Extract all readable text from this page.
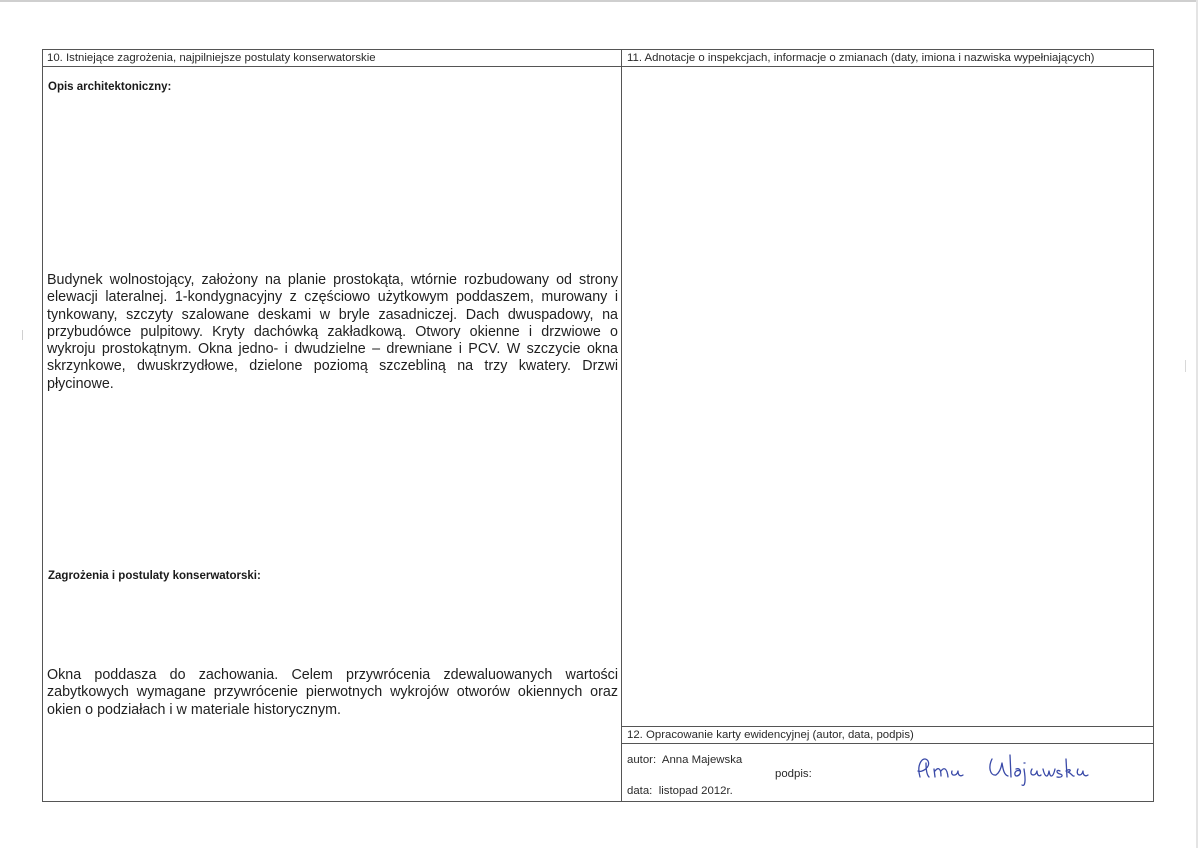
10. Istniejące zagrożenia, najpilniejsze postulaty konserwatorskie
Opis architektoniczny:
Budynek wolnostojący, założony na planie prostokąta, wtórnie rozbudowany od strony elewacji lateralnej. 1-kondygnacyjny z częściowo użytkowym poddaszem, murowany i tynkowany, szczyty szalowane deskami w bryle zasadniczej. Dach dwuspadowy, na przybudówce pulpitowy. Kryty dachówką zakładkową. Otwory okienne i drzwiowe o wykroju prostokątnym. Okna jedno- i dwudzielne – drewniane i PCV. W szczycie okna skrzynkowe, dwuskrzydłowe, dzielone poziomą szczebliną na trzy kwatery. Drzwi płycinowe.
Zagrożenia i postulaty konserwatorski:
Okna poddasza do zachowania. Celem przywrócenia zdewaluowanych wartości zabytkowych wymagane przywrócenie pierwotnych wykrojów otworów okiennych oraz okien o podziałach i w materiale historycznym.
11. Adnotacje o inspekcjach, informacje o zmianach (daty, imiona i nazwiska wypełniających)
12. Opracowanie karty ewidencyjnej (autor, data, podpis)
autor: Anna Majewska
podpis:
data: listopad 2012r.
